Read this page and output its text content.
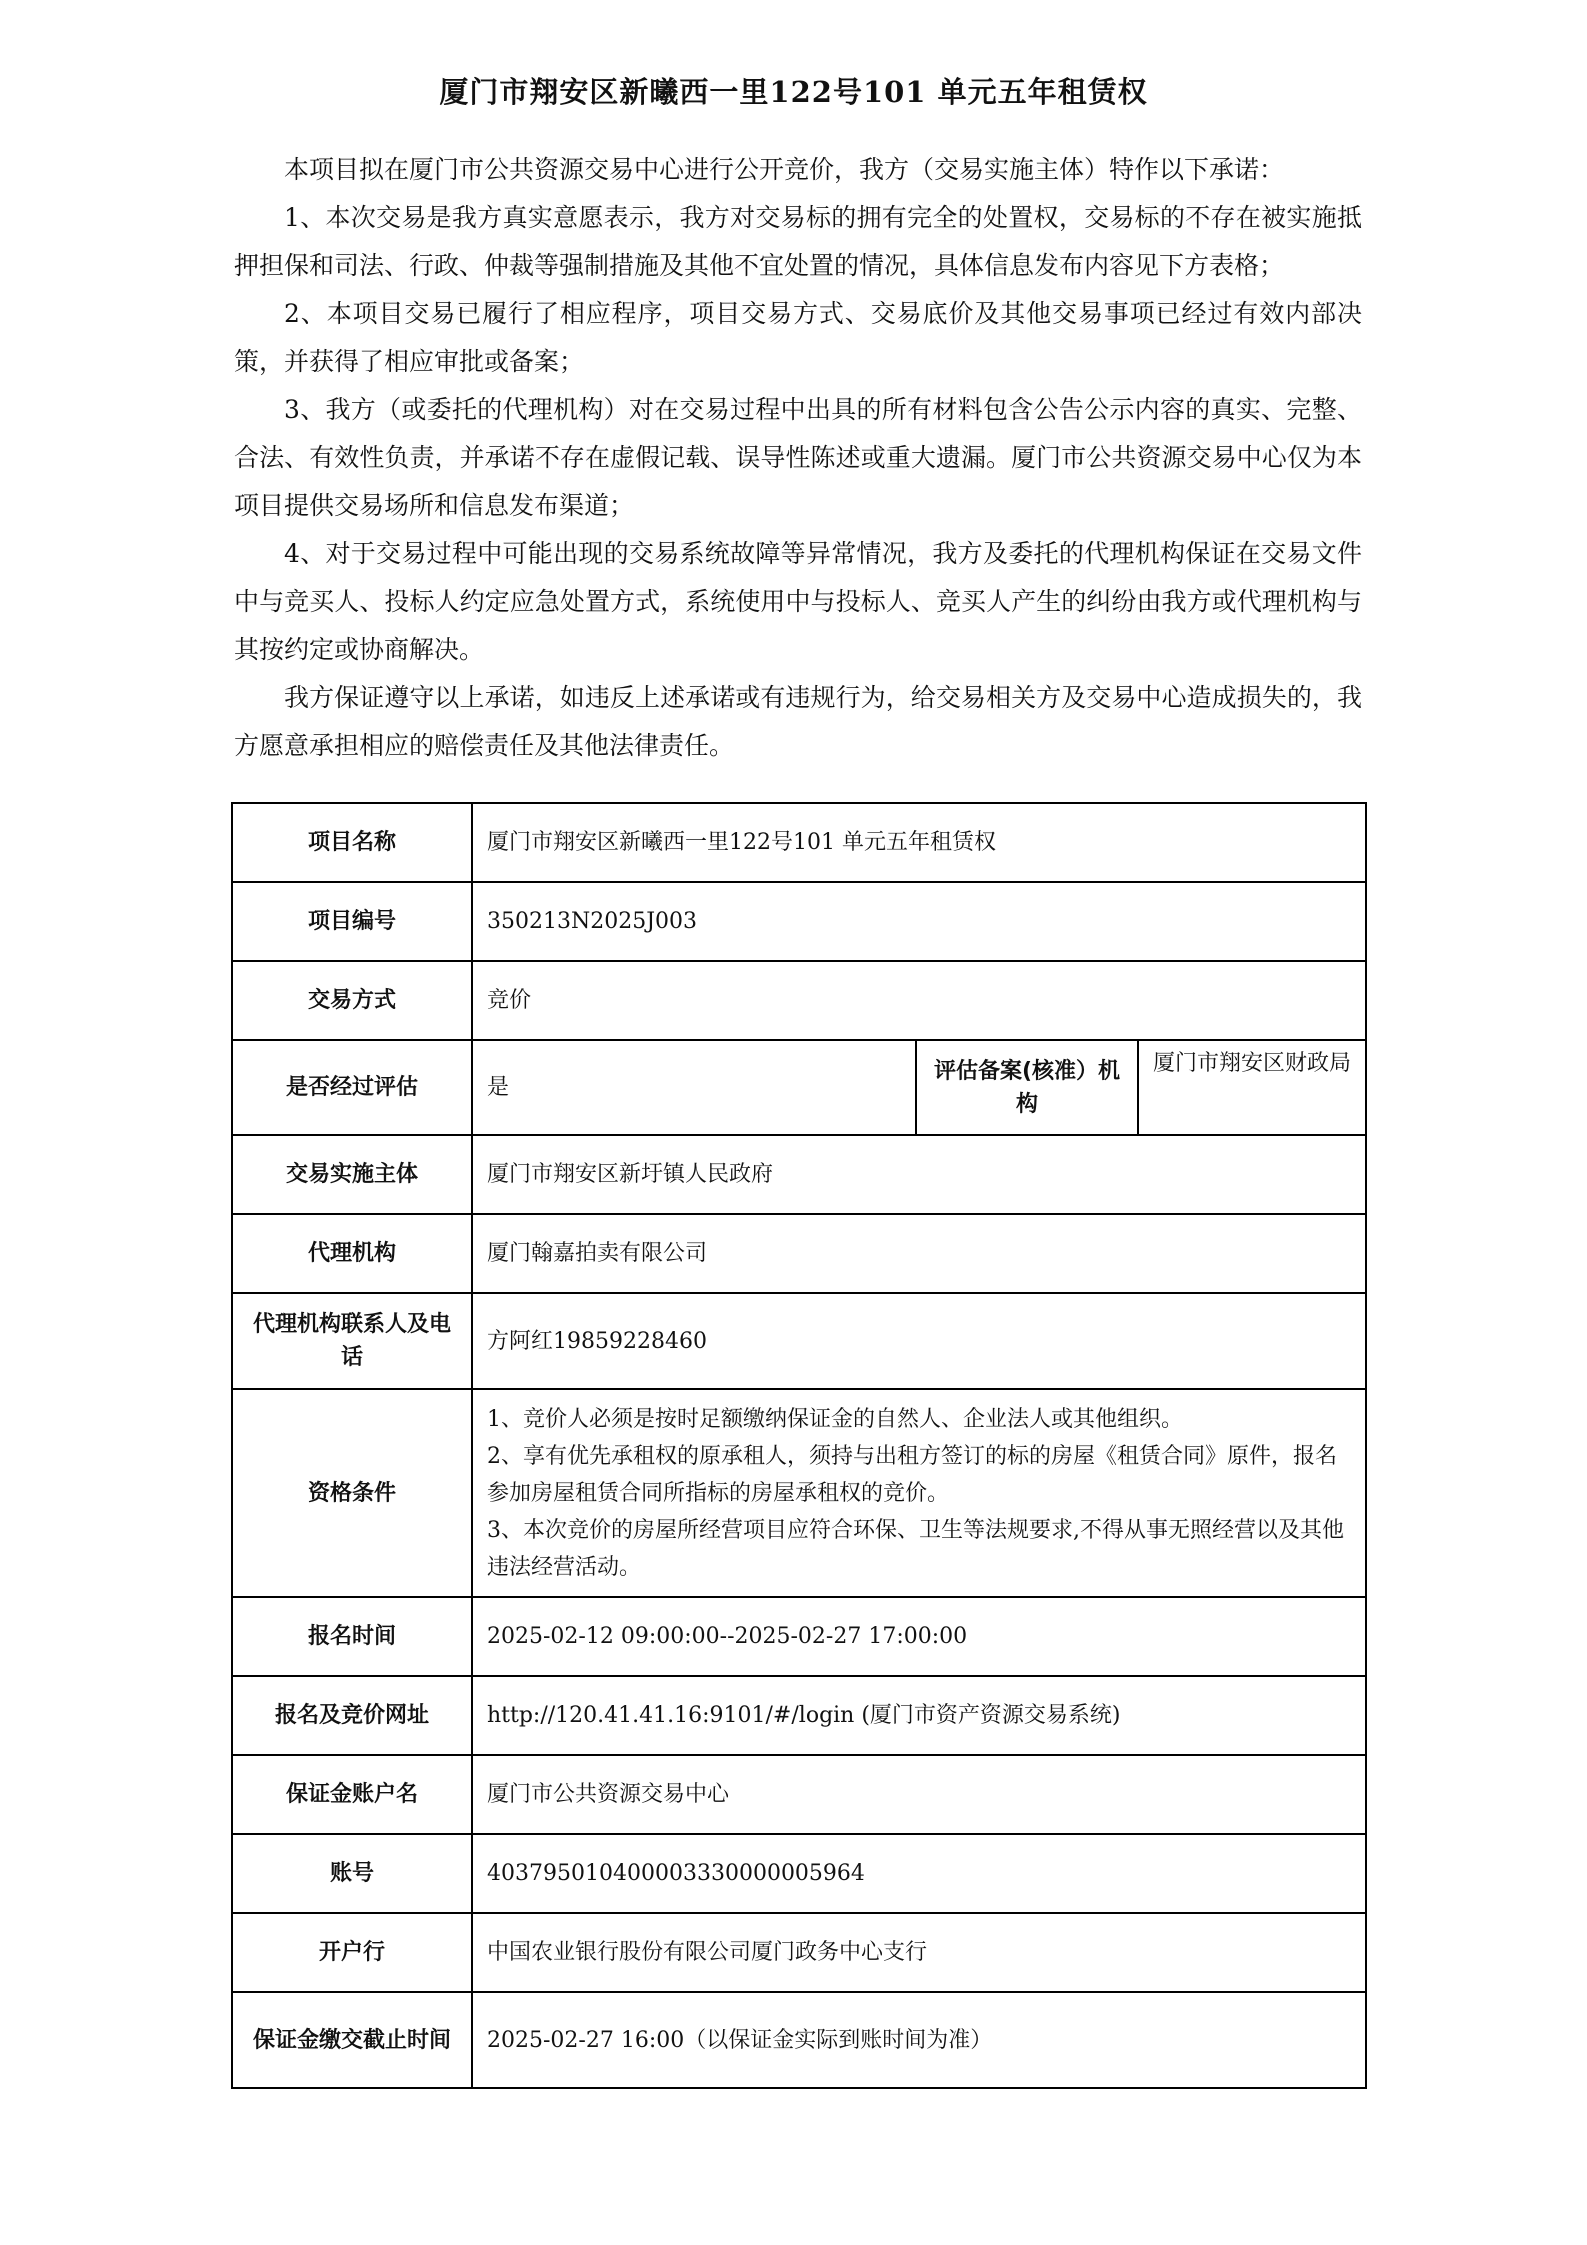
厦门市翔安区新曦西一里122号101 单元五年租赁权

本项目拟在厦门市公共资源交易中心进行公开竞价，我方（交易实施主体）特作以下承诺：

1、本次交易是我方真实意愿表示，我方对交易标的拥有完全的处置权，交易标的不存在被实施抵押担保和司法、行政、仲裁等强制措施及其他不宜处置的情况，具体信息发布内容见下方表格；

2、本项目交易已履行了相应程序，项目交易方式、交易底价及其他交易事项已经过有效内部决策，并获得了相应审批或备案；

3、我方（或委托的代理机构）对在交易过程中出具的所有材料包含公告公示内容的真实、完整、合法、有效性负责，并承诺不存在虚假记载、误导性陈述或重大遗漏。厦门市公共资源交易中心仅为本项目提供交易场所和信息发布渠道；

4、对于交易过程中可能出现的交易系统故障等异常情况，我方及委托的代理机构保证在交易文件中与竞买人、投标人约定应急处置方式，系统使用中与投标人、竞买人产生的纠纷由我方或代理机构与其按约定或协商解决。

我方保证遵守以上承诺，如违反上述承诺或有违规行为，给交易相关方及交易中心造成损失的，我方愿意承担相应的赔偿责任及其他法律责任。

项目名称	厦门市翔安区新曦西一里122号101 单元五年租赁权		
项目编号	350213N2025J003		
交易方式	竞价		
是否经过评估	是	评估备案(核准）机构	厦门市翔安区财政局
交易实施主体	厦门市翔安区新圩镇人民政府		
代理机构	厦门翰嘉拍卖有限公司		
代理机构联系人及电话	方阿红19859228460		
资格条件	1、竞价人必须是按时足额缴纳保证金的自然人、企业法人或其他组织。

2、享有优先承租权的原承租人，须持与出租方签订的标的房屋《租赁合同》原件，报名参加房屋租赁合同所指标的房屋承租权的竞价。

3、本次竞价的房屋所经营项目应符合环保、卫生等法规要求,不得从事无照经营以及其他违法经营活动。		

报名时间	2025-02-12 09:00:00--2025-02-27 17:00:00		
报名及竞价网址	http://120.41.41.16:9101/#/login (厦门市资产资源交易系统)		
保证金账户名	厦门市公共资源交易中心		
账号	403795010400003330000005964		
开户行	中国农业银行股份有限公司厦门政务中心支行		
保证金缴交截止时间	2025-02-27 16:00（以保证金实际到账时间为准）		
